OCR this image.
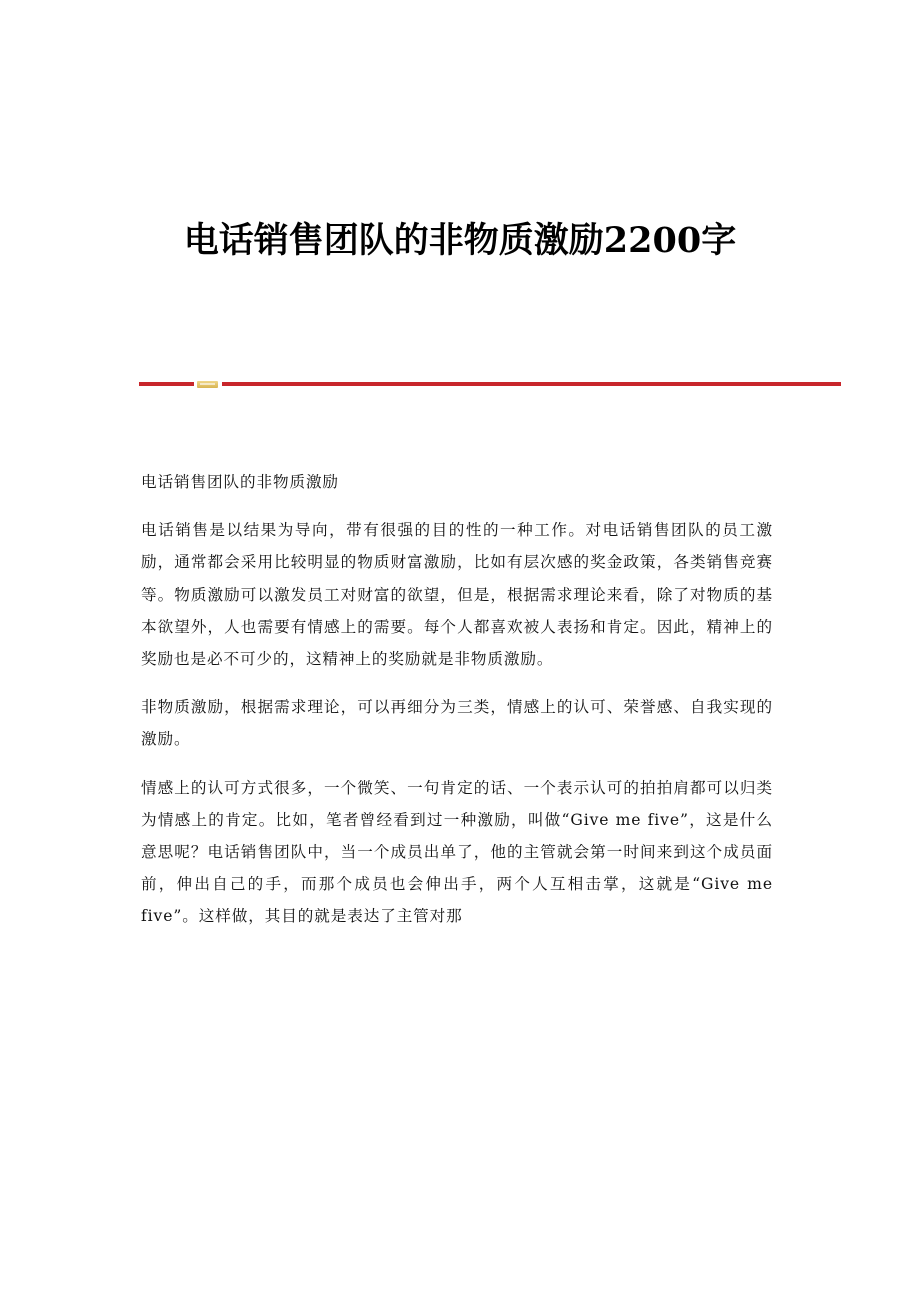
电话销售团队的非物质激励2200字

电话销售团队的非物质激励

电话销售是以结果为导向，带有很强的目的性的一种工作。对电话销售团队的员工激励，通常都会采用比较明显的物质财富激励，比如有层次感的奖金政策，各类销售竞赛等。物质激励可以激发员工对财富的欲望，但是，根据需求理论来看，除了对物质的基本欲望外，人也需要有情感上的需要。每个人都喜欢被人表扬和肯定。因此，精神上的奖励也是必不可少的，这精神上的奖励就是非物质激励。

非物质激励，根据需求理论，可以再细分为三类，情感上的认可、荣誉感、自我实现的激励。

情感上的认可方式很多，一个微笑、一句肯定的话、一个表示认可的拍拍肩都可以归类为情感上的肯定。比如，笔者曾经看到过一种激励，叫做“Give me five”，这是什么意思呢？电话销售团队中，当一个成员出单了，他的主管就会第一时间来到这个成员面前，伸出自己的手，而那个成员也会伸出手，两个人互相击掌，这就是“Give me five”。这样做，其目的就是表达了主管对那
